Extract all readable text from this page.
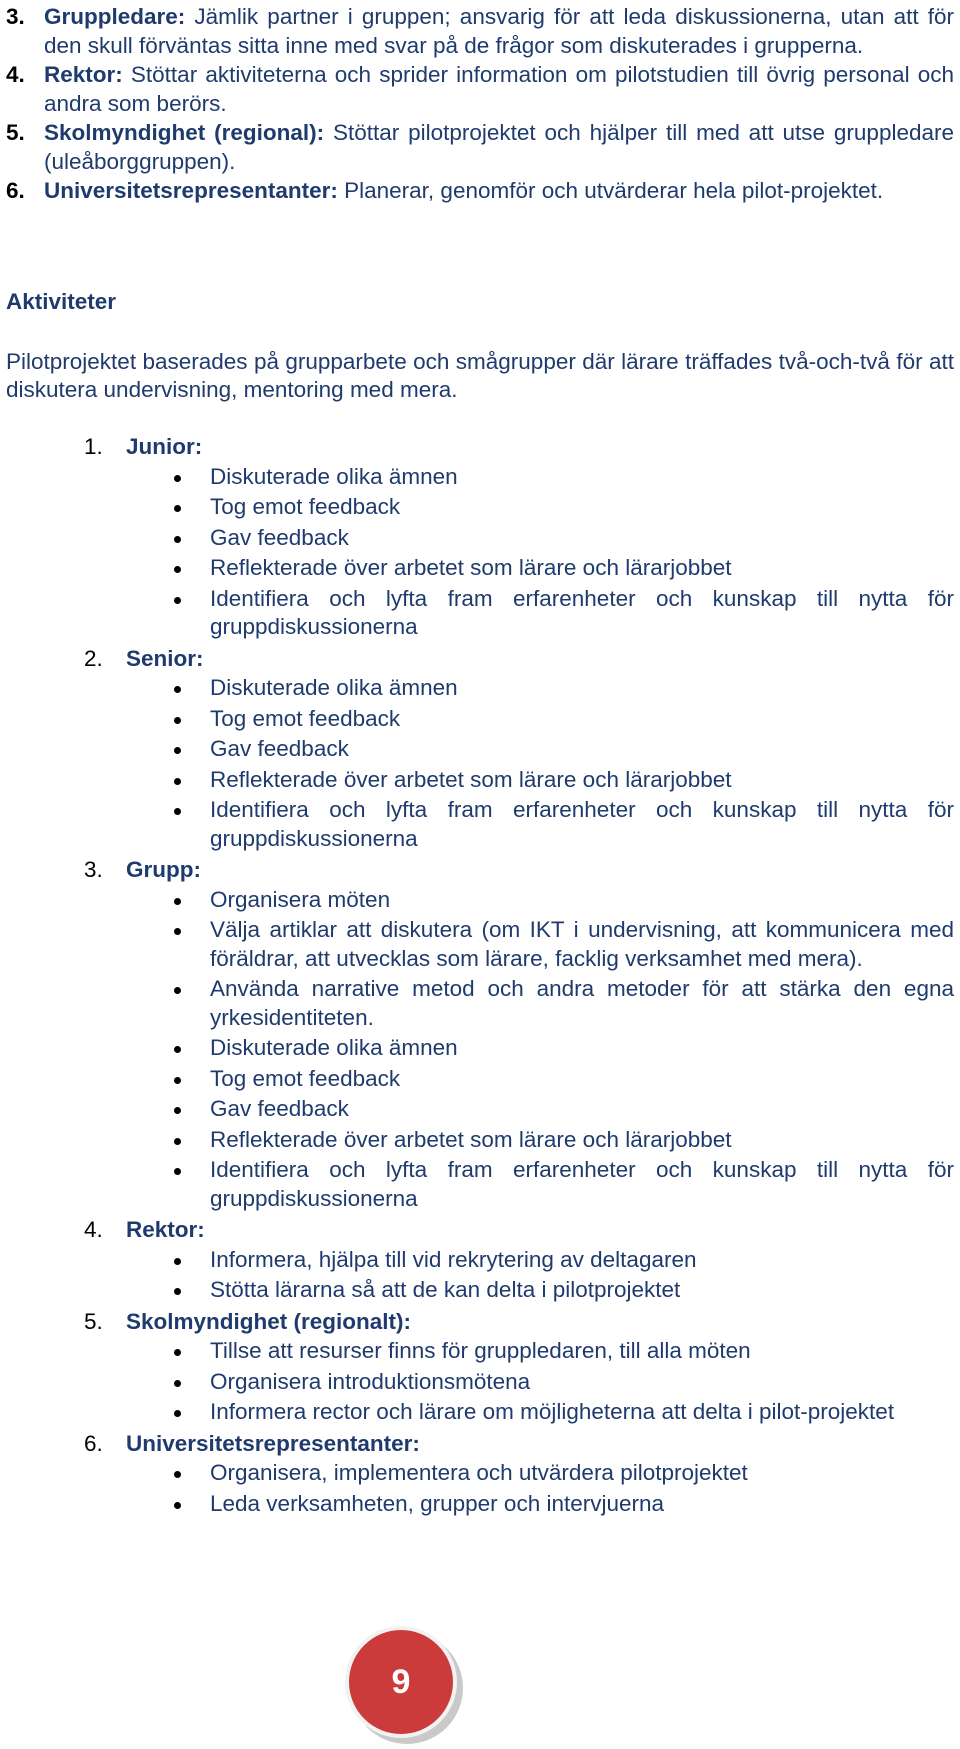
3. Gruppledare: Jämlik partner i gruppen; ansvarig för att leda diskussionerna, utan att för den skull förväntas sitta inne med svar på de frågor som diskuterades i grupperna.
4. Rektor: Stöttar aktiviteterna och sprider information om pilotstudien till övrig personal och andra som berörs.
5. Skolmyndighet (regional): Stöttar pilotprojektet och hjälper till med att utse gruppledare (uleåborggruppen).
6. Universitetsrepresentanter: Planerar, genomför och utvärderar hela pilot-projektet.
Aktiviteter

Pilotprojektet baserades på grupparbete och smågrupper där lärare träffades två-och-två för att diskutera undervisning, mentoring med mera.

1.	Junior:
Diskuterade olika ämnen
Tog emot feedback
Gav feedback
Reflekterade över arbetet som lärare och lärarjobbet
Identifiera och lyfta fram erfarenheter och kunskap till nytta för gruppdiskussionerna
2.	Senior:
Diskuterade olika ämnen
Tog emot feedback
Gav feedback
Reflekterade över arbetet som lärare och lärarjobbet
Identifiera och lyfta fram erfarenheter och kunskap till nytta för gruppdiskussionerna
3.	Grupp:
Organisera möten
Välja artiklar att diskutera (om IKT i undervisning, att kommunicera med föräldrar, att utvecklas som lärare, facklig verksamhet med mera).
Använda narrative metod och andra metoder för att stärka den egna yrkesidentiteten.
Diskuterade olika ämnen
Tog emot feedback
Gav feedback
Reflekterade över arbetet som lärare och lärarjobbet
Identifiera och lyfta fram erfarenheter och kunskap till nytta för gruppdiskussionerna
4.	Rektor:
Informera, hjälpa till vid rekrytering av deltagaren
Stötta lärarna så att de kan delta i pilotprojektet
5.	Skolmyndighet (regionalt):
Tillse att resurser finns för gruppledaren, till alla möten
Organisera introduktionsmötena
Informera rector och lärare om möjligheterna att delta i pilot-projektet
6.	Universitetsrepresentanter:
Organisera, implementera och utvärdera pilotprojektet
Leda verksamheten, grupper och intervjuerna
9
